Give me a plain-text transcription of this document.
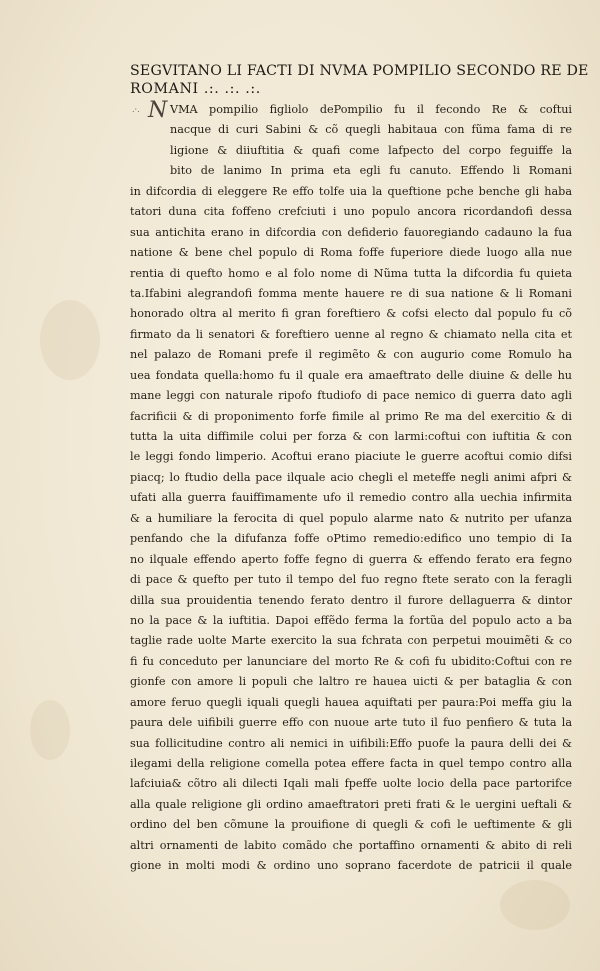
SEGVITANO LI FACTI DI NVMA POMPILIO SECONDO RE DE
ROMANI .:. .:. .:.
.·. N VMA pompilio figliolo dePompilio fu il fecondo Re & coftui
nacque di curi Sabini & cõ quegli habitaua con fũma fama di re
ligione & diiuftitia & quafi come lafpecto del corpo feguiffe la
bito de lanimo In prima eta egli fu canuto. Effendo li Romani
in difcordia di eleggere Re effo tolfe uia la queftione pche benche gli haba
tatori duna cita foffeno crefciuti i uno populo ancora ricordandofi dessa
sua antichita erano in difcordia con defiderio fauoregiando cadauno la fua
natione & bene chel populo di Roma foffe fuperiore diede luogo alla nue
rentia di quefto homo e al folo nome di Nũma tutta la difcordia fu quieta
ta.Ifabini alegrandofi fomma mente hauere re di sua natione & li Romani
honorado oltra al merito fi gran foreftiero & cofsi electo dal populo fu cõ
firmato da li senatori & foreftiero uenne al regno & chiamato nella cita et
nel palazo de Romani prefe il regimẽto & con augurio come Romulo ha
uea fondata quella:homo fu il quale era amaeftrato delle diuine & delle hu
mane leggi con naturale ripofo ftudiofo di pace nemico di guerra dato agli
facrificii & di proponimento forfe fimile al primo Re ma del exercitio & di
tutta la uita diffimile colui per forza & con larmi:coftui con iuftitia & con
le leggi fondo limperio. Acoftui erano piaciute le guerre acoftui comio difsi
piacq; lo ftudio della pace ilquale acio chegli el meteffe negli animi afpri &
ufati alla guerra fauiffimamente ufo il remedio contro alla uechia infirmita
& a humiliare la ferocita di quel populo alarme nato & nutrito per ufanza
penfando che la difufanza foffe oPtimo remedio:edifico uno tempio di Ia
no ilquale effendo aperto foffe fegno di guerra & effendo ferato era fegno
di pace & quefto per tuto il tempo del fuo regno ftete serato con la feragli
dilla sua prouidentia tenendo ferato dentro il furore dellaguerra & dintor
no la pace & la iuftitia. Dapoi effẽdo ferma la fortũa del populo acto a ba
taglie rade uolte Marte exercito la sua fchrata con perpetui mouimẽti & co
fi fu conceduto per lanunciare del morto Re & cofi fu ubidito:Coftui con re
gionfe con amore li populi che laltro re hauea uicti & per bataglia & con
amore feruo quegli iquali quegli hauea aquiftati per paura:Poi meffa giu la
paura dele uifibili guerre effo con nuoue arte tuto il fuo penfiero & tuta la
sua follicitudine contro ali nemici in uifibili:Effo puofe la paura delli dei &
ilegami della religione comella potea effere facta in quel tempo contro alla
lafciuia& cõtro ali dilecti Iqali mali fpeffe uolte locio della pace partorifce
alla quale religione gli ordino amaeftratori preti frati & le uergini ueftali &
ordino del ben cõmune la prouifione di quegli & cofi le ueftimente & gli
altri ornamenti de labito comãdo che portaffino ornamenti & abito di reli
gione in molti modi & ordino uno soprano facerdote de patricii il quale
